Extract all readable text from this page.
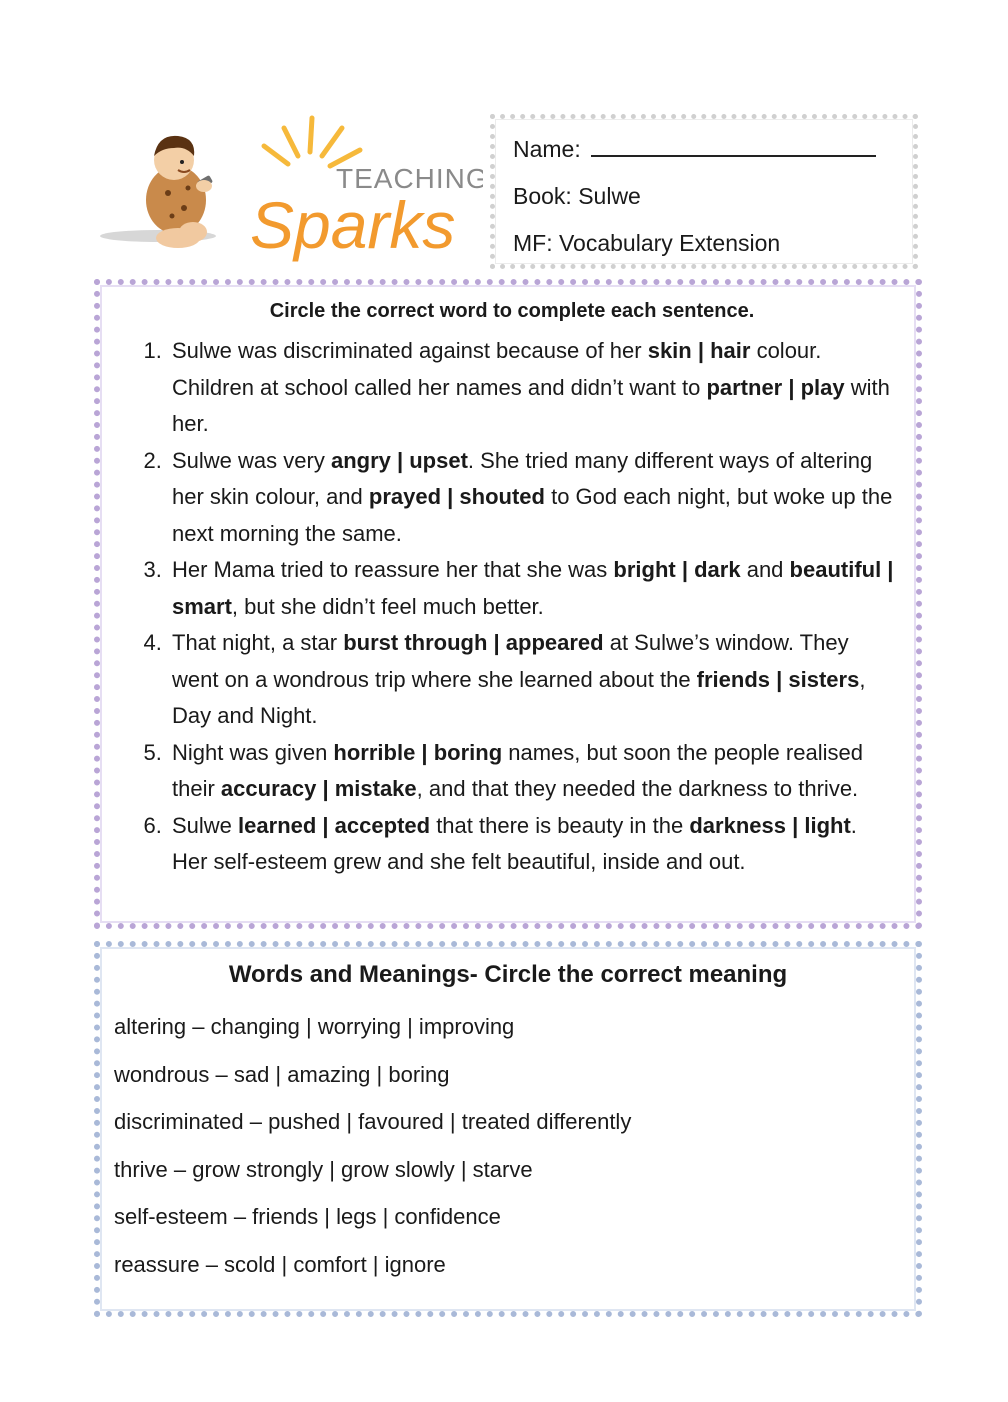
TEACHING
Sparks
Name:
Book: Sulwe
MF: Vocabulary Extension
Circle the correct word to complete each sentence.
1. Sulwe was discriminated against because of her skin | hair colour. Children at school called her names and didn’t want to partner | play with her.
2. Sulwe was very angry | upset. She tried many different ways of altering her skin colour, and prayed | shouted to God each night, but woke up the next morning the same.
3. Her Mama tried to reassure her that she was bright | dark and beautiful | smart, but she didn’t feel much better.
4. That night, a star burst through | appeared at Sulwe’s window. They went on a wondrous trip where she learned about the friends | sisters, Day and Night.
5. Night was given horrible | boring names, but soon the people realised their accuracy | mistake, and that they needed the darkness to thrive.
6. Sulwe learned | accepted that there is beauty in the darkness | light. Her self-esteem grew and she felt beautiful, inside and out.
Words and Meanings- Circle the correct meaning
altering – changing | worrying | improving
wondrous – sad | amazing | boring
discriminated – pushed | favoured | treated differently
thrive – grow strongly | grow slowly | starve
self-esteem – friends | legs | confidence
reassure – scold | comfort | ignore
